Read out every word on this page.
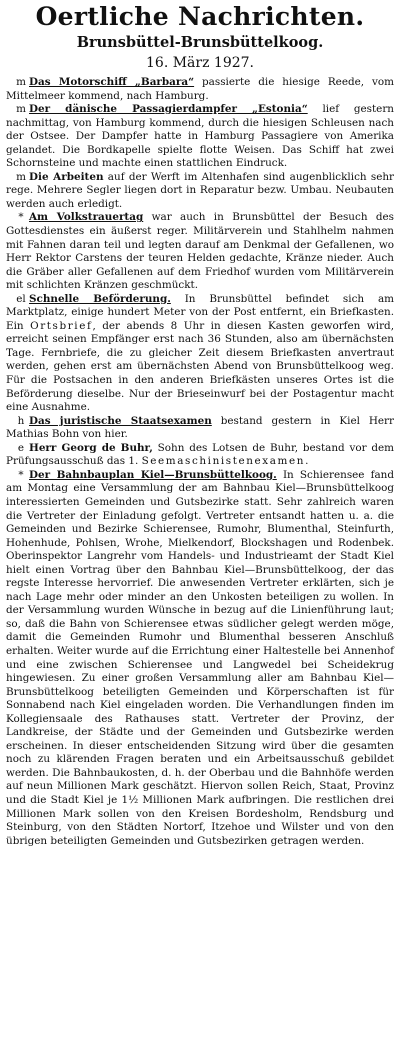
Oertliche Nachrichten.
Brunsbüttel-Brunsbüttelkoog.
16. März 1927.

m Das Motorschiff „Barbara“ passierte die hiesige Reede, vom Mittelmeer kommend, nach Hamburg.

m Der dänische Passagierdampfer „Estonia“ lief gestern nachmittag, von Hamburg kommend, durch die hiesigen Schleusen nach der Ostsee. Der Dampfer hatte in Hamburg Passagiere von Amerika gelandet. Die Bordkapelle spielte flotte Weisen. Das Schiff hat zwei Schornsteine und machte einen stattlichen Eindruck.

m Die Arbeiten auf der Werft im Altenhafen sind augenblicklich sehr rege. Mehrere Segler liegen dort in Reparatur bezw. Umbau. Neubauten werden auch erledigt.

* Am Volkstrauertag war auch in Brunsbüttel der Besuch des Gottesdienstes ein äußerst reger. Militärverein und Stahlhelm nahmen mit Fahnen daran teil und legten darauf am Denkmal der Gefallenen, wo Herr Rektor Carstens der teuren Helden gedachte, Kränze nieder. Auch die Gräber aller Gefallenen auf dem Friedhof wurden vom Militärverein mit schlichten Kränzen geschmückt.

el Schnelle Beförderung. In Brunsbüttel befindet sich am Marktplatz, einige hundert Meter von der Post entfernt, ein Briefkasten. Ein Ortsbrief, der abends 8 Uhr in diesen Kasten geworfen wird, erreicht seinen Empfänger erst nach 36 Stunden, also am übernächsten Tage. Fernbriefe, die zu gleicher Zeit diesem Briefkasten anvertraut werden, gehen erst am übernächsten Abend von Brunsbüttelkoog weg. Für die Postsachen in den anderen Briefkästen unseres Ortes ist die Beförderung dieselbe. Nur der Brieseinwurf bei der Postagentur macht eine Ausnahme.

h Das juristische Staatsexamen bestand gestern in Kiel Herr Mathias Bohn von hier.

e Herr Georg de Buhr, Sohn des Lotsen de Buhr, bestand vor dem Prüfungsausschuß das 1. Seemaschinistenexamen.

* Der Bahnbauplan Kiel—Brunsbüttelkoog. In Schierensee fand am Montag eine Versammlung der am Bahnbau Kiel—Brunsbüttelkoog interessierten Gemeinden und Gutsbezirke statt. Sehr zahlreich waren die Vertreter der Einladung gefolgt. Vertreter entsandt hatten u. a. die Gemeinden und Bezirke Schierensee, Rumohr, Blumenthal, Steinfurth, Hohenhude, Pohlsen, Wrohe, Mielkendorf, Blockshagen und Rodenbek. Oberinspektor Langrehr vom Handels- und Industrieamt der Stadt Kiel hielt einen Vortrag über den Bahnbau Kiel—Brunsbüttelkoog, der das regste Interesse hervorrief. Die anwesenden Vertreter erklärten, sich je nach Lage mehr oder minder an den Unkosten beteiligen zu wollen. In der Versammlung wurden Wünsche in bezug auf die Linienführung laut; so, daß die Bahn von Schierensee etwas südlicher gelegt werden möge, damit die Gemeinden Rumohr und Blumenthal besseren Anschluß erhalten. Weiter wurde auf die Errichtung einer Haltestelle bei Annenhof und eine zwischen Schierensee und Langwedel bei Scheidekrug hingewiesen. Zu einer großen Versammlung aller am Bahnbau Kiel—Brunsbüttelkoog beteiligten Gemeinden und Körperschaften ist für Sonnabend nach Kiel eingeladen worden. Die Verhandlungen finden im Kollegiensaale des Rathauses statt. Vertreter der Provinz, der Landkreise, der Städte und der Gemeinden und Gutsbezirke werden erscheinen. In dieser entscheidenden Sitzung wird über die gesamten noch zu klärenden Fragen beraten und ein Arbeitsausschuß gebildet werden. Die Bahnbaukosten, d. h. der Oberbau und die Bahnhöfe werden auf neun Millionen Mark geschätzt. Hiervon sollen Reich, Staat, Provinz und die Stadt Kiel je 1½ Millionen Mark aufbringen. Die restlichen drei Millionen Mark sollen von den Kreisen Bordesholm, Rendsburg und Steinburg, von den Städten Nortorf, Itzehoe und Wilster und von den übrigen beteiligten Gemeinden und Gutsbezirken getragen werden.
